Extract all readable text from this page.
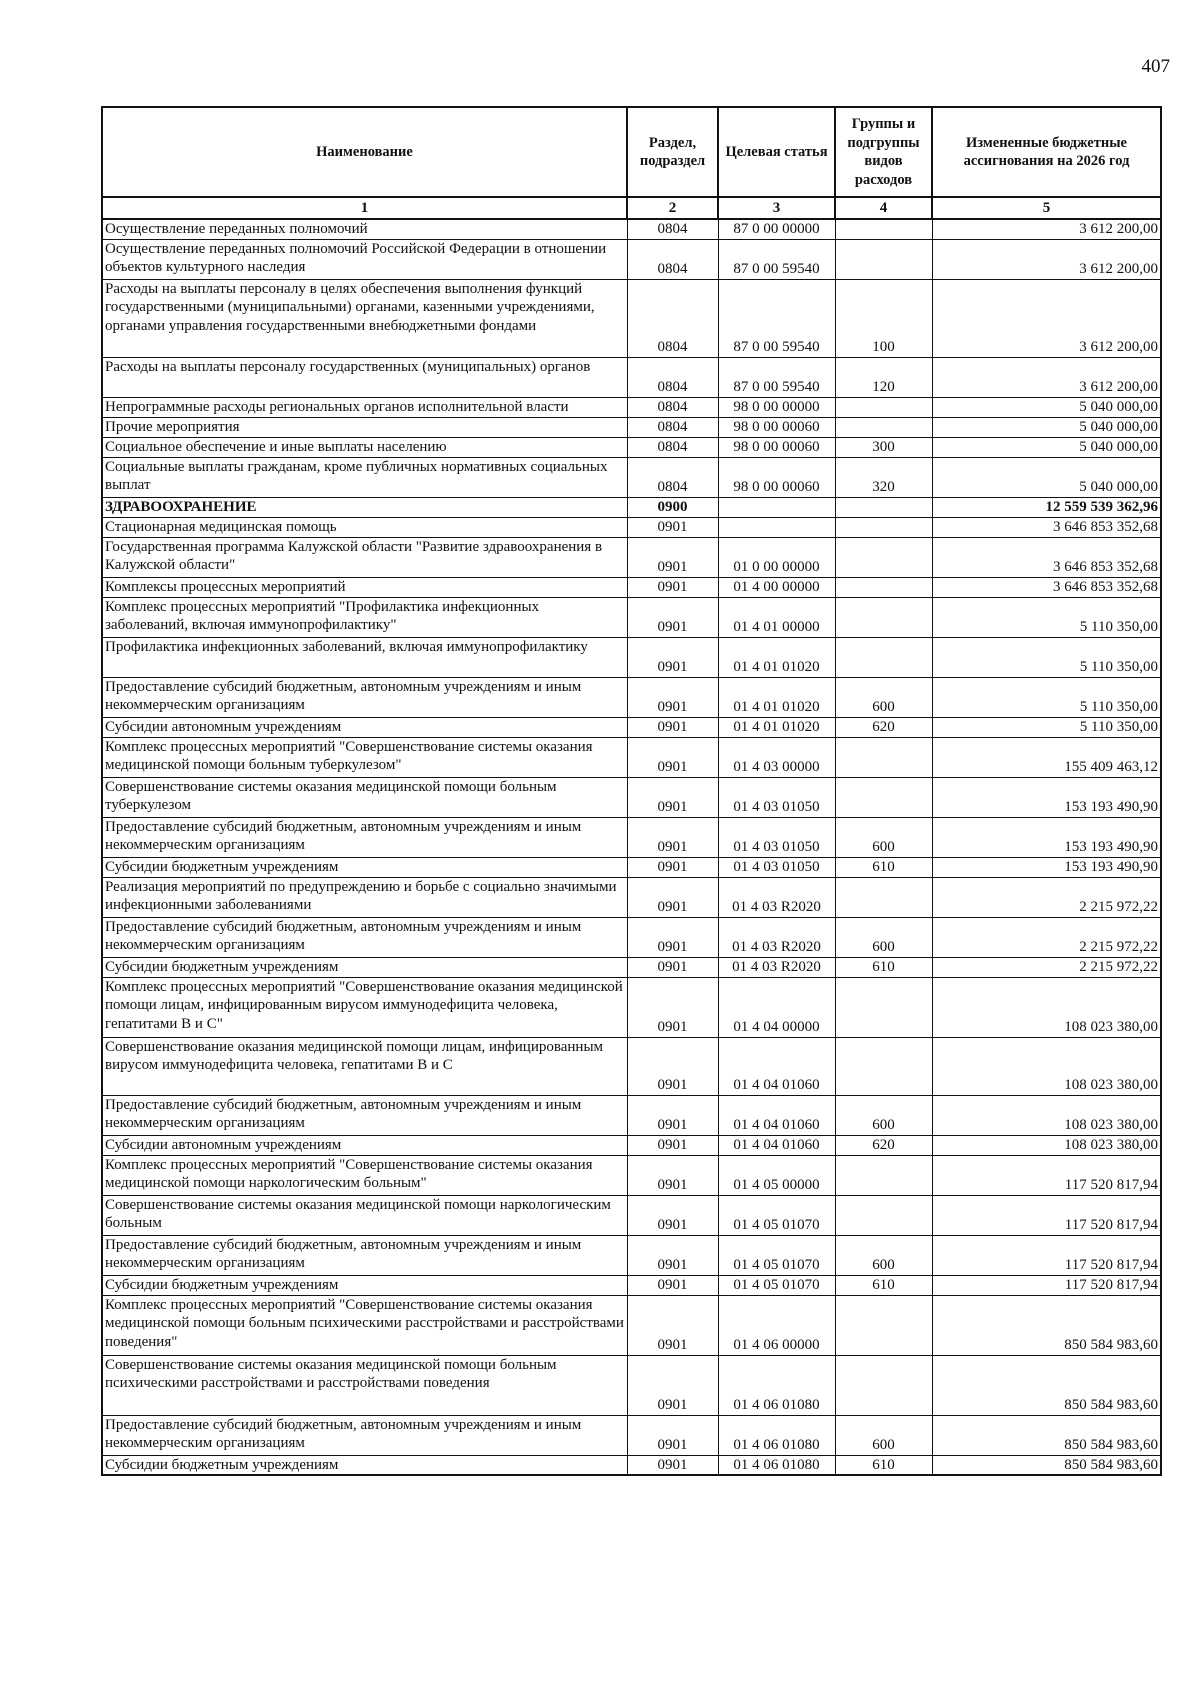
407
Наименование	Раздел, подраздел	Целевая статья	Группы и подгруппы видов расходов	Измененные бюджетные ассигнования на 2026 год
1	2	3	4	5
Осуществление переданных полномочий	0804	87 0 00 00000		3 612 200,00
Осуществление переданных полномочий Российской Федерации в отношении объектов культурного наследия	0804	87 0 00 59540		3 612 200,00
Расходы на выплаты персоналу в целях обеспечения выполнения функций государственными (муниципальными) органами, казенными учреждениями, органами управления государственными внебюджетными фондами	0804	87 0 00 59540	100	3 612 200,00
Расходы на выплаты персоналу государственных (муниципальных) органов	0804	87 0 00 59540	120	3 612 200,00
Непрограммные расходы региональных органов исполнительной власти	0804	98 0 00 00000		5 040 000,00
Прочие мероприятия	0804	98 0 00 00060		5 040 000,00
Социальное обеспечение и иные выплаты населению	0804	98 0 00 00060	300	5 040 000,00
Социальные выплаты гражданам, кроме публичных нормативных социальных выплат	0804	98 0 00 00060	320	5 040 000,00
ЗДРАВООХРАНЕНИЕ	0900			12 559 539 362,96
Стационарная медицинская помощь	0901			3 646 853 352,68
Государственная программа Калужской области "Развитие здравоохранения в Калужской области"	0901	01 0 00 00000		3 646 853 352,68
Комплексы процессных мероприятий	0901	01 4 00 00000		3 646 853 352,68
Комплекс процессных мероприятий "Профилактика инфекционных заболеваний, включая иммунопрофилактику"	0901	01 4 01 00000		5 110 350,00
Профилактика инфекционных заболеваний, включая иммунопрофилактику	0901	01 4 01 01020		5 110 350,00
Предоставление субсидий бюджетным, автономным учреждениям и иным некоммерческим организациям	0901	01 4 01 01020	600	5 110 350,00
Субсидии автономным учреждениям	0901	01 4 01 01020	620	5 110 350,00
Комплекс процессных мероприятий "Совершенствование системы оказания медицинской помощи больным туберкулезом"	0901	01 4 03 00000		155 409 463,12
Совершенствование системы оказания медицинской помощи больным туберкулезом	0901	01 4 03 01050		153 193 490,90
Предоставление субсидий бюджетным, автономным учреждениям и иным некоммерческим организациям	0901	01 4 03 01050	600	153 193 490,90
Субсидии бюджетным учреждениям	0901	01 4 03 01050	610	153 193 490,90
Реализация мероприятий по предупреждению и борьбе с социально значимыми инфекционными заболеваниями	0901	01 4 03 R2020		2 215 972,22
Предоставление субсидий бюджетным, автономным учреждениям и иным некоммерческим организациям	0901	01 4 03 R2020	600	2 215 972,22
Субсидии бюджетным учреждениям	0901	01 4 03 R2020	610	2 215 972,22
Комплекс процессных мероприятий "Совершенствование оказания медицинской помощи лицам, инфицированным вирусом иммунодефицита человека, гепатитами B и C"	0901	01 4 04 00000		108 023 380,00
Совершенствование оказания медицинской помощи лицам, инфицированным вирусом иммунодефицита человека, гепатитами B и C	0901	01 4 04 01060		108 023 380,00
Предоставление субсидий бюджетным, автономным учреждениям и иным некоммерческим организациям	0901	01 4 04 01060	600	108 023 380,00
Субсидии автономным учреждениям	0901	01 4 04 01060	620	108 023 380,00
Комплекс процессных мероприятий "Совершенствование системы оказания медицинской помощи наркологическим больным"	0901	01 4 05 00000		117 520 817,94
Совершенствование системы оказания медицинской помощи наркологическим больным	0901	01 4 05 01070		117 520 817,94
Предоставление субсидий бюджетным, автономным учреждениям и иным некоммерческим организациям	0901	01 4 05 01070	600	117 520 817,94
Субсидии бюджетным учреждениям	0901	01 4 05 01070	610	117 520 817,94
Комплекс процессных мероприятий "Совершенствование системы оказания медицинской помощи больным психическими расстройствами и расстройствами поведения"	0901	01 4 06 00000		850 584 983,60
Совершенствование системы оказания медицинской помощи больным психическими расстройствами и расстройствами поведения	0901	01 4 06 01080		850 584 983,60
Предоставление субсидий бюджетным, автономным учреждениям и иным некоммерческим организациям	0901	01 4 06 01080	600	850 584 983,60
Субсидии бюджетным учреждениям	0901	01 4 06 01080	610	850 584 983,60
